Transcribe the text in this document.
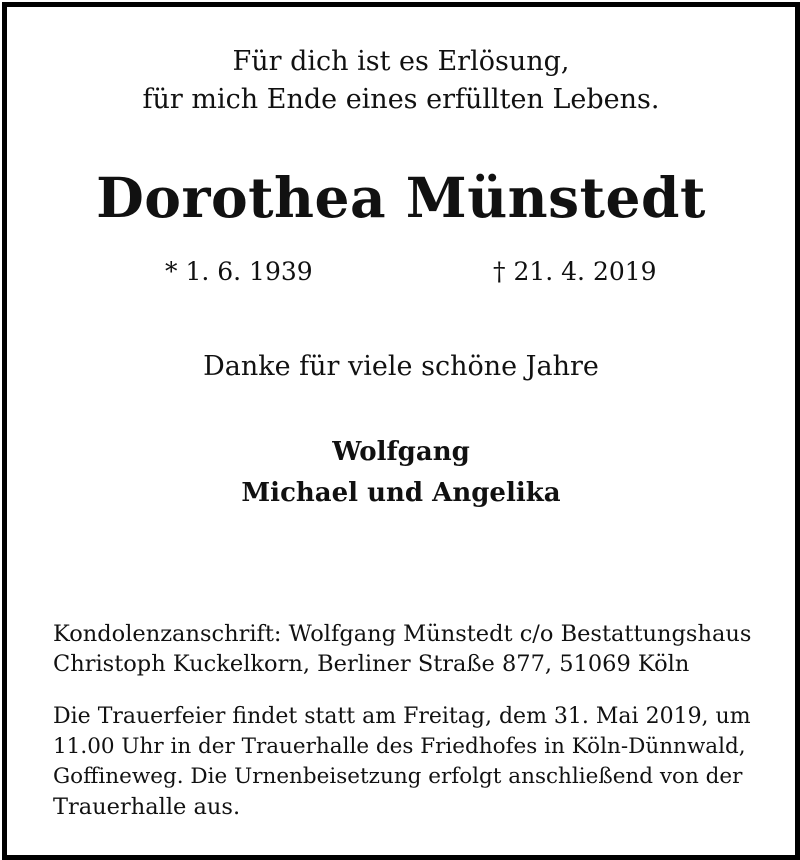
Für dich ist es Erlösung,
für mich Ende eines erfüllten Lebens.
Dorothea Münstedt
* 1. 6. 1939	† 21. 4. 2019
Danke für viele schöne Jahre
Wolfgang
Michael und Angelika
Kondolenzanschrift: Wolfgang Münstedt c/o Bestattungshaus
Christoph Kuckelkorn, Berliner Straße 877, 51069 Köln
Die Trauerfeier findet statt am Freitag, dem 31. Mai 2019, um
11.00 Uhr in der Trauerhalle des Friedhofes in Köln-Dünnwald,
Goffineweg. Die Urnenbeisetzung erfolgt anschließend von der
Trauerhalle aus.
